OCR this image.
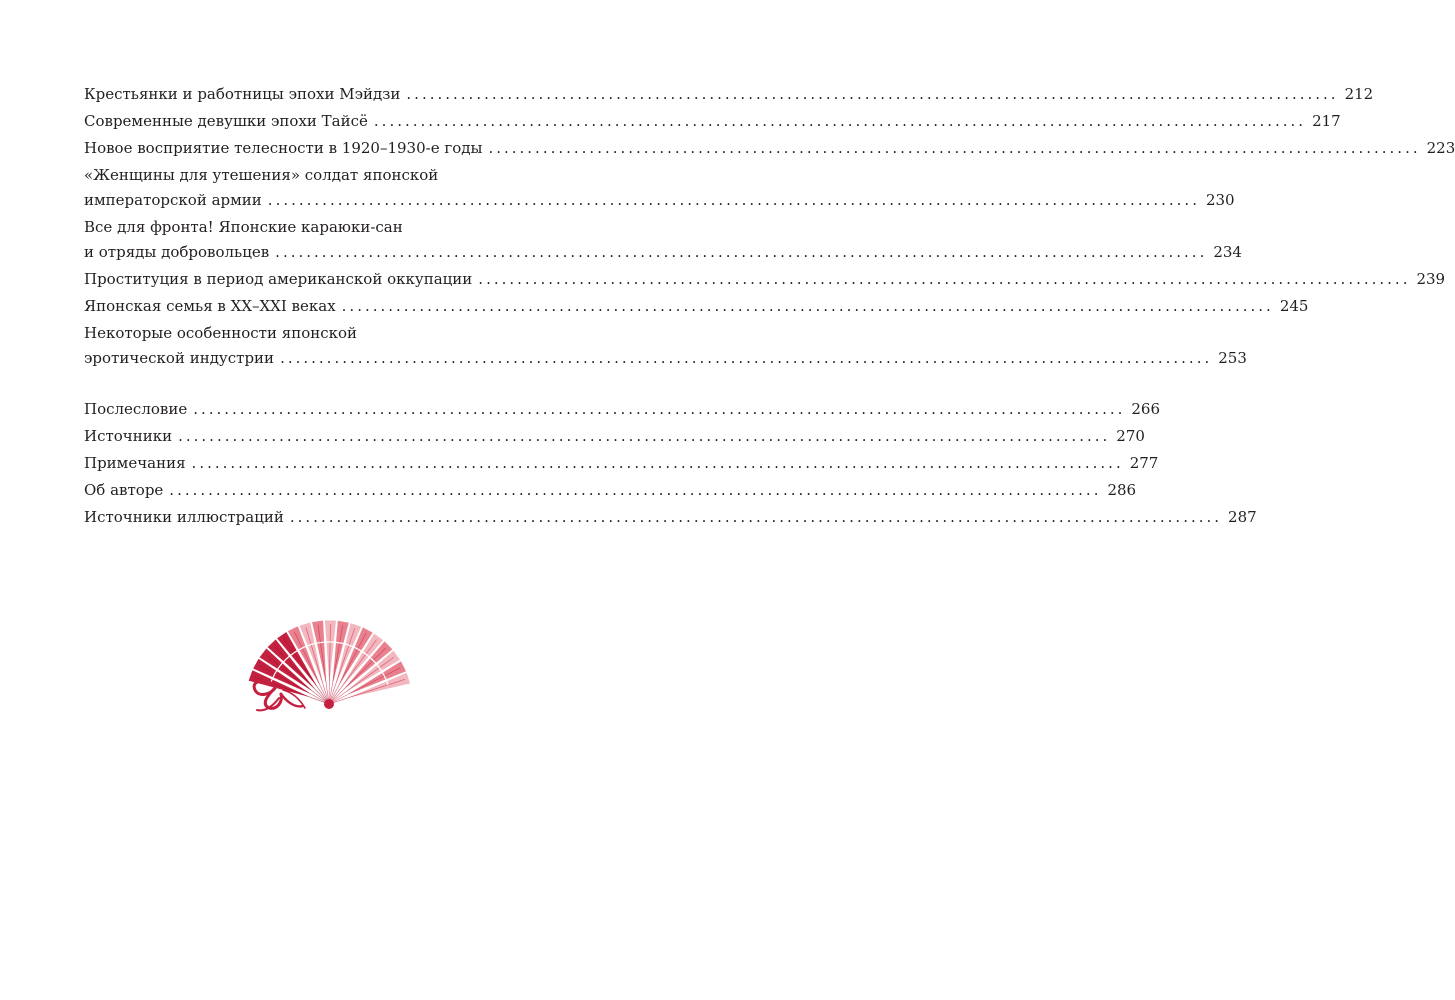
Крестьянки и работницы эпохи Мэйдзи ........................................................................................................................ 212
Современные девушки эпохи Тайсё ........................................................................................................................ 217
Новое восприятие телесности в 1920–1930-е годы ........................................................................................................................ 223
«Женщины для утешения» солдат японской
императорской армии ........................................................................................................................ 230
Все для фронта! Японские караюки-сан
и отряды добровольцев ........................................................................................................................ 234
Проституция в период американской оккупации ........................................................................................................................ 239
Японская семья в XX–XXI веках ........................................................................................................................ 245
Некоторые особенности японской
эротической индустрии ........................................................................................................................ 253
Послесловие ........................................................................................................................ 266
Источники ........................................................................................................................ 270
Примечания ........................................................................................................................ 277
Об авторе ........................................................................................................................ 286
Источники иллюстраций ........................................................................................................................ 287
